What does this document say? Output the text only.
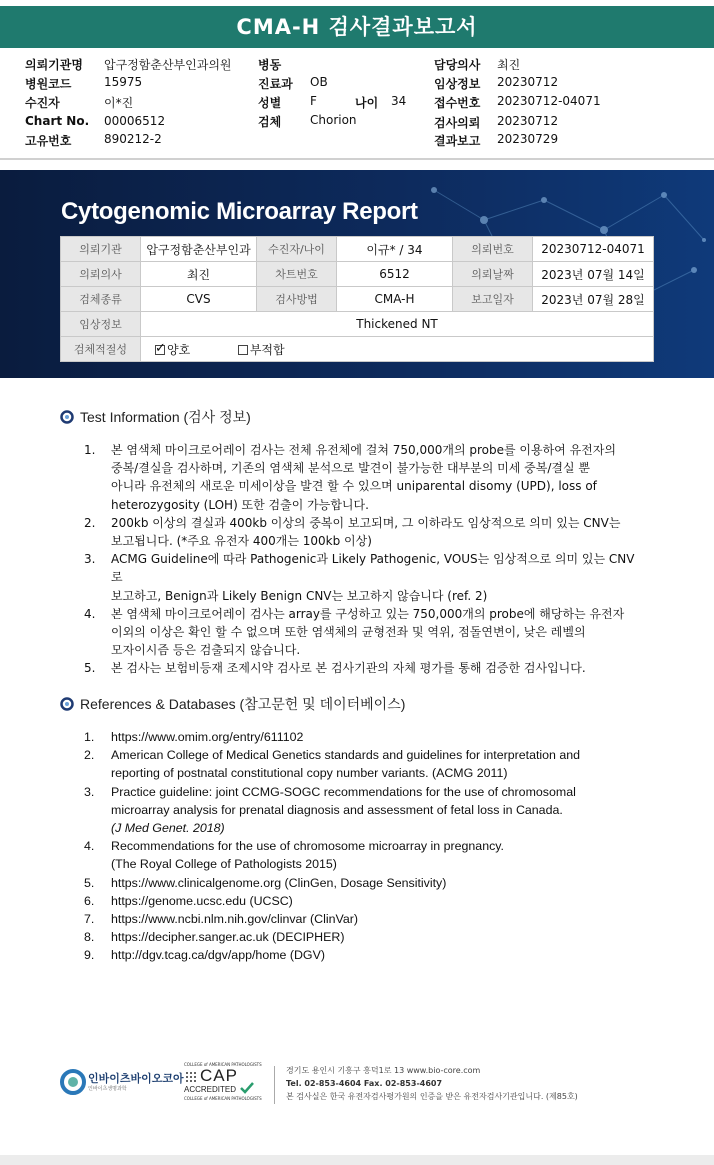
CMA-H 검사결과보고서
의뢰기관명 압구정함춘산부인과의원
병원코드	15975
수진자	이*진
Chart No. 00006512
고유번호	890212-2
병동
진료과 OB
성별 F	나이 34
검체 Chorion
담당의사 최진
임상정보 20230712
접수번호 20230712-04071
검사의뢰 20230712
결과보고 20230729
Cytogenomic Microarray Report
의뢰기관	압구정함춘산부인과	수진자/나이	이규* / 34	의뢰번호	20230712-04071
의뢰의사	최진	차트번호	6512	의뢰날짜	2023년 07월 14일
검체종류	CVS	검사방법	CMA-H	보고일자	2023년 07월 28일
임상정보	Thickened NT				
검체적절성	✓양호 부적합
Test Information (검사 정보)
1. 본 염색체 마이크로어레이 검사는 전체 유전체에 걸쳐 750,000개의 probe를 이용하여 유전자의
중복/결실을 검사하며, 기존의 염색체 분석으로 발견이 불가능한 대부분의 미세 중복/결실 뿐
아니라 유전체의 새로운 미세이상을 발견 할 수 있으며 uniparental disomy (UPD), loss of
heterozygosity (LOH) 또한 검출이 가능합니다.
2. 200kb 이상의 결실과 400kb 이상의 중복이 보고되며, 그 이하라도 임상적으로 의미 있는 CNV는
보고됩니다. (*주요 유전자 400개는 100kb 이상)
3. ACMG Guideline에 따라 Pathogenic과 Likely Pathogenic, VOUS는 임상적으로 의미 있는 CNV로
보고하고, Benign과 Likely Benign CNV는 보고하지 않습니다 (ref. 2)
4. 본 염색체 마이크로어레이 검사는 array를 구성하고 있는 750,000개의 probe에 해당하는 유전자
이외의 이상은 확인 할 수 없으며 또한 염색체의 균형전좌 및 역위, 점돌연변이, 낮은 레벨의
모자이시즘 등은 검출되지 않습니다.
5. 본 검사는 보험비등재 조제시약 검사로 본 검사기관의 자체 평가를 통해 검증한 검사입니다.
References & Databases (참고문헌 및 데이터베이스)
1. https://www.omim.org/entry/611102
2. American College of Medical Genetics standards and guidelines for interpretation and
reporting of postnatal constitutional copy number variants. (ACMG 2011)
3. Practice guideline: joint CCMG-SOGC recommendations for the use of chromosomal
microarray analysis for prenatal diagnosis and assessment of fetal loss in Canada.
(J Med Genet. 2018)
4. Recommendations for the use of chromosome microarray in pregnancy.
(The Royal College of Pathologists 2015)
5. https://www.clinicalgenome.org (ClinGen, Dosage Sensitivity)
6. https://genome.ucsc.edu (UCSC)
7. https://www.ncbi.nlm.nih.gov/clinvar (ClinVar)
8. https://decipher.sanger.ac.uk (DECIPHER)
9. http://dgv.tcag.ca/dgv/app/home (DGV)
인바이츠바이오코아
인바이츠생명과학
COLLEGE of AMERICAN PATHOLOGISTS
CAP
ACCREDITED
COLLEGE of AMERICAN PATHOLOGISTS
경기도 용인시 기흥구 흥덕1로 13 www.bio-core.com
Tel. 02-853-4604 Fax. 02-853-4607
본 검사실은 한국 유전자검사평가원의 인증을 받은 유전자검사기관입니다. (제85호)
